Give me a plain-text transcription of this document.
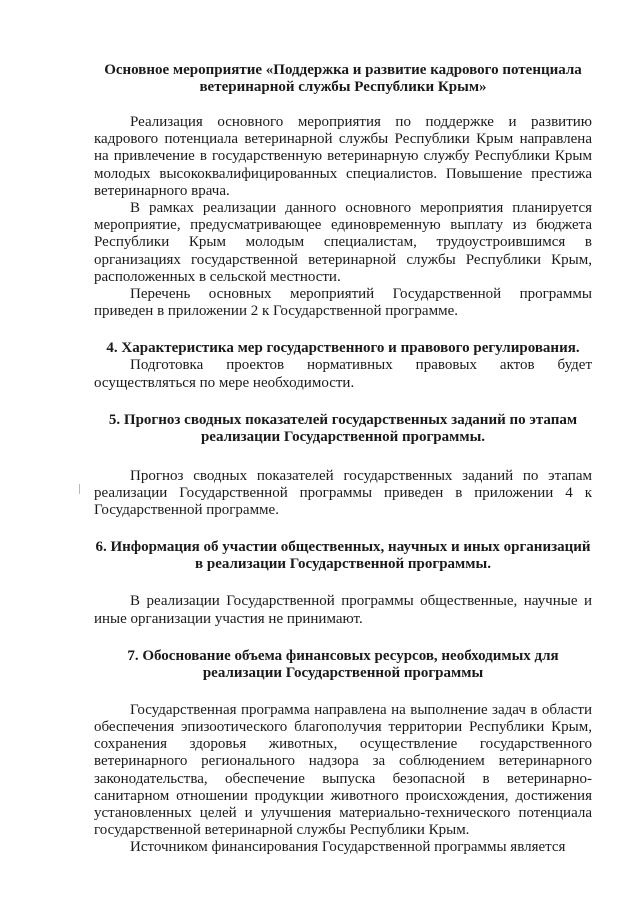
Основное мероприятие «Поддержка и развитие кадрового потенциала ветеринарной службы Республики Крым»

Реализация основного мероприятия по поддержке и развитию кадрового потенциала ветеринарной службы Республики Крым направлена на привлечение в государственную ветеринарную службу Республики Крым молодых высококвалифицированных специалистов. Повышение престижа ветеринарного врача.

В рамках реализации данного основного мероприятия планируется мероприятие, предусматривающее единовременную выплату из бюджета Республики Крым молодым специалистам, трудоустроившимся в организациях государственной ветеринарной службы Республики Крым, расположенных в сельской местности.

Перечень основных мероприятий Государственной программы приведен в приложении 2 к Государственной программе.

4. Характеристика мер государственного и правового регулирования.

Подготовка проектов нормативных правовых актов будет осуществляться по мере необходимости.

5. Прогноз сводных показателей государственных заданий по этапам реализации Государственной программы.

Прогноз сводных показателей государственных заданий по этапам реализации Государственной программы приведен в приложении 4 к Государственной программе.

6. Информация об участии общественных, научных и иных организаций в реализации Государственной программы.

В реализации Государственной программы общественные, научные и иные организации участия не принимают.

7. Обоснование объема финансовых ресурсов, необходимых для реализации Государственной программы

Государственная программа направлена на выполнение задач в области обеспечения эпизоотического благополучия территории Республики Крым, сохранения здоровья животных, осуществление государственного ветеринарного регионального надзора за соблюдением ветеринарного законодательства, обеспечение выпуска безопасной в ветеринарно-санитарном отношении продукции животного происхождения, достижения установленных целей и улучшения материально-технического потенциала государственной ветеринарной службы Республики Крым.

Источником финансирования Государственной программы является
